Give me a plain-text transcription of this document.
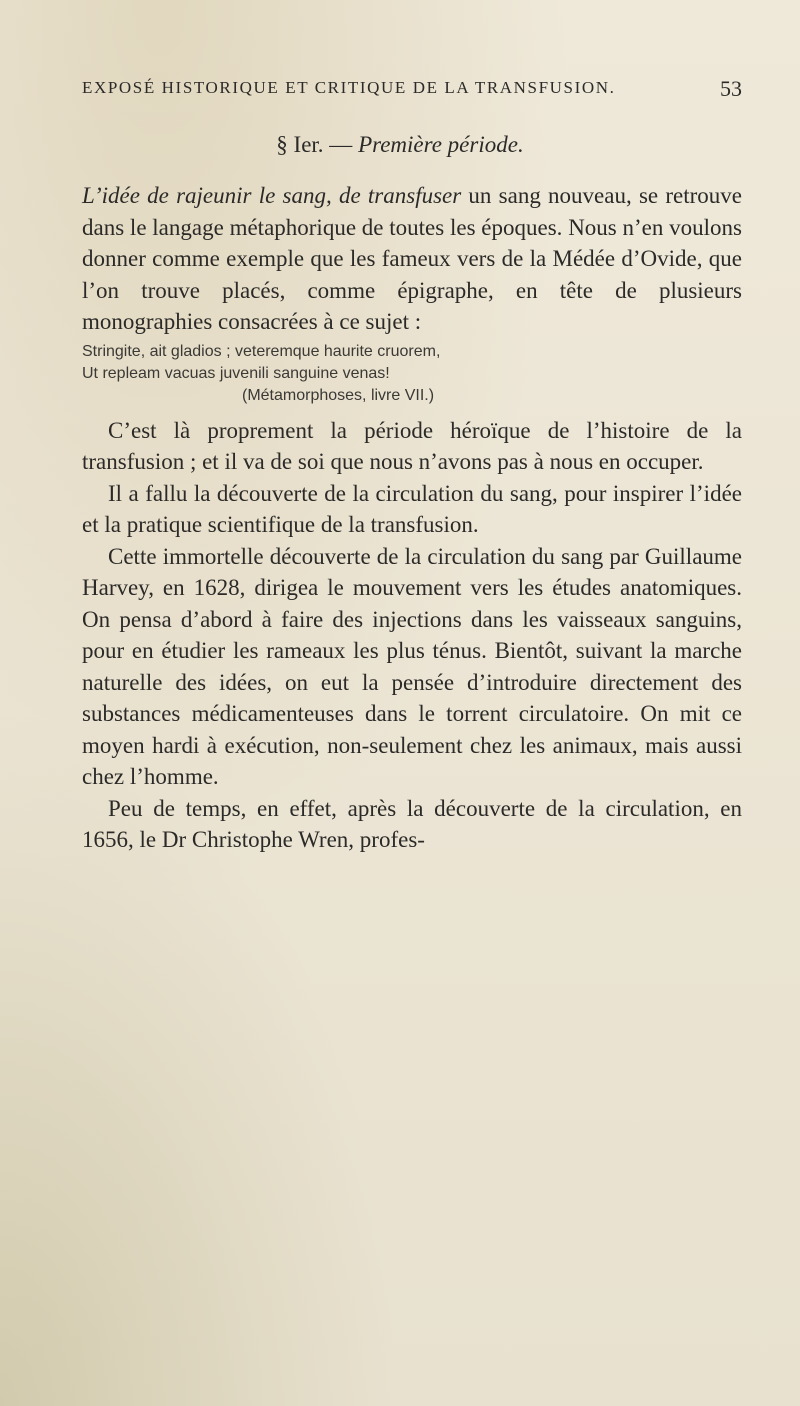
EXPOSÉ HISTORIQUE ET CRITIQUE DE LA TRANSFUSION.	53
§ Ier. — Première période.

L’idée de rajeunir le sang, de transfuser un sang nouveau, se retrouve dans le langage métaphorique de toutes les époques. Nous n’en voulons donner comme exemple que les fameux vers de la Médée d’Ovide, que l’on trouve placés, comme épigraphe, en tête de plusieurs monographies consacrées à ce sujet :

Stringite, ait gladios ; veteremque haurite cruorem,
Ut repleam vacuas juvenili sanguine venas!
(Métamorphoses, livre VII.)

C’est là proprement la période héroïque de l’histoire de la transfusion ; et il va de soi que nous n’avons pas à nous en occuper.

Il a fallu la découverte de la circulation du sang, pour inspirer l’idée et la pratique scientifique de la transfusion.

Cette immortelle découverte de la circulation du sang par Guillaume Harvey, en 1628, dirigea le mouvement vers les études anatomiques. On pensa d’abord à faire des injections dans les vaisseaux sanguins, pour en étudier les rameaux les plus ténus. Bientôt, suivant la marche naturelle des idées, on eut la pensée d’introduire directement des substances médicamenteuses dans le torrent circulatoire. On mit ce moyen hardi à exécution, non-seulement chez les animaux, mais aussi chez l’homme.

Peu de temps, en effet, après la découverte de la circulation, en 1656, le Dr Christophe Wren, profes-
